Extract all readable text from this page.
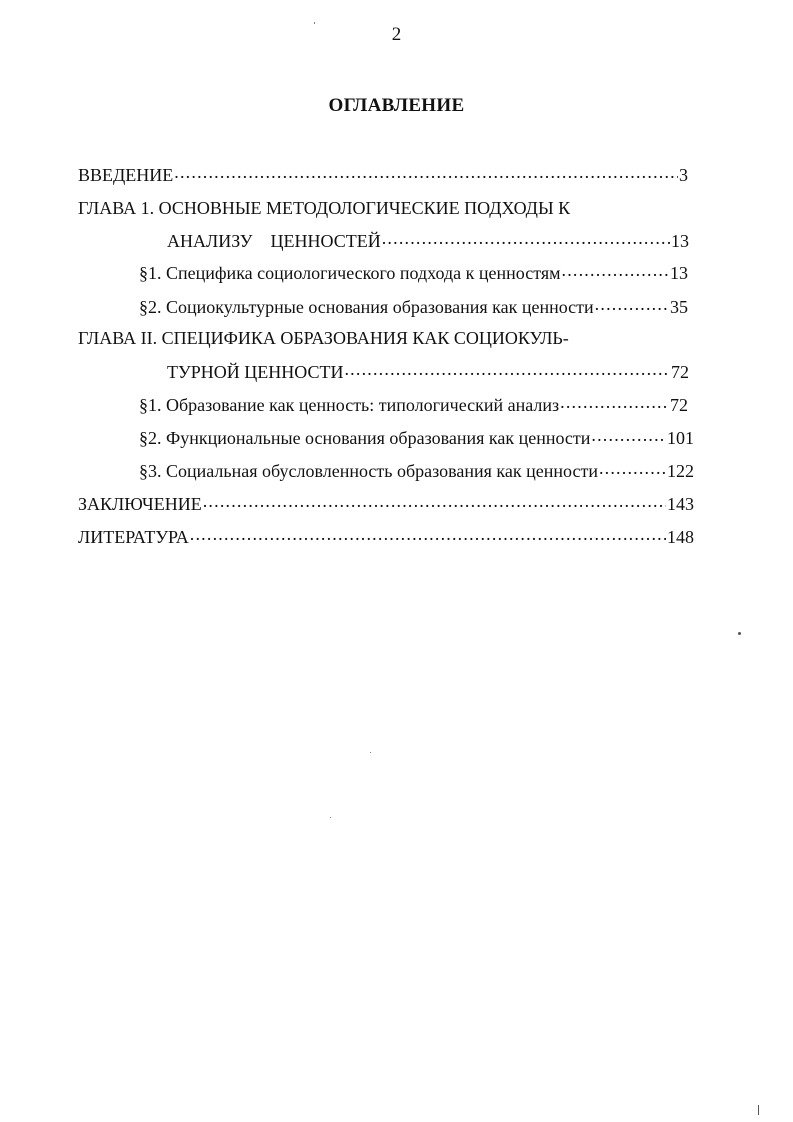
2
ОГЛАВЛЕНИЕ
ВВЕДЕНИЕ .....	3
ГЛАВА 1. ОСНОВНЫЕ МЕТОДОЛОГИЧЕСКИЕ ПОДХОДЫ К
АНАЛИЗУ    ЦЕННОСТЕЙ .....	13
§1. Специфика социологического подхода к ценностям .....	13
§2. Социокультурные основания образования как ценности .....	35
ГЛАВА II. СПЕЦИФИКА ОБРАЗОВАНИЯ КАК СОЦИОКУЛЬ-
ТУРНОЙ ЦЕННОСТИ .....	72
§1. Образование как ценность: типологический анализ .....	72
§2. Функциональные основания образования как ценности .....	101
§3. Социальная обусловленность образования как ценности .....	122
ЗАКЛЮЧЕНИЕ .....	143
ЛИТЕРАТУРА .....	148
